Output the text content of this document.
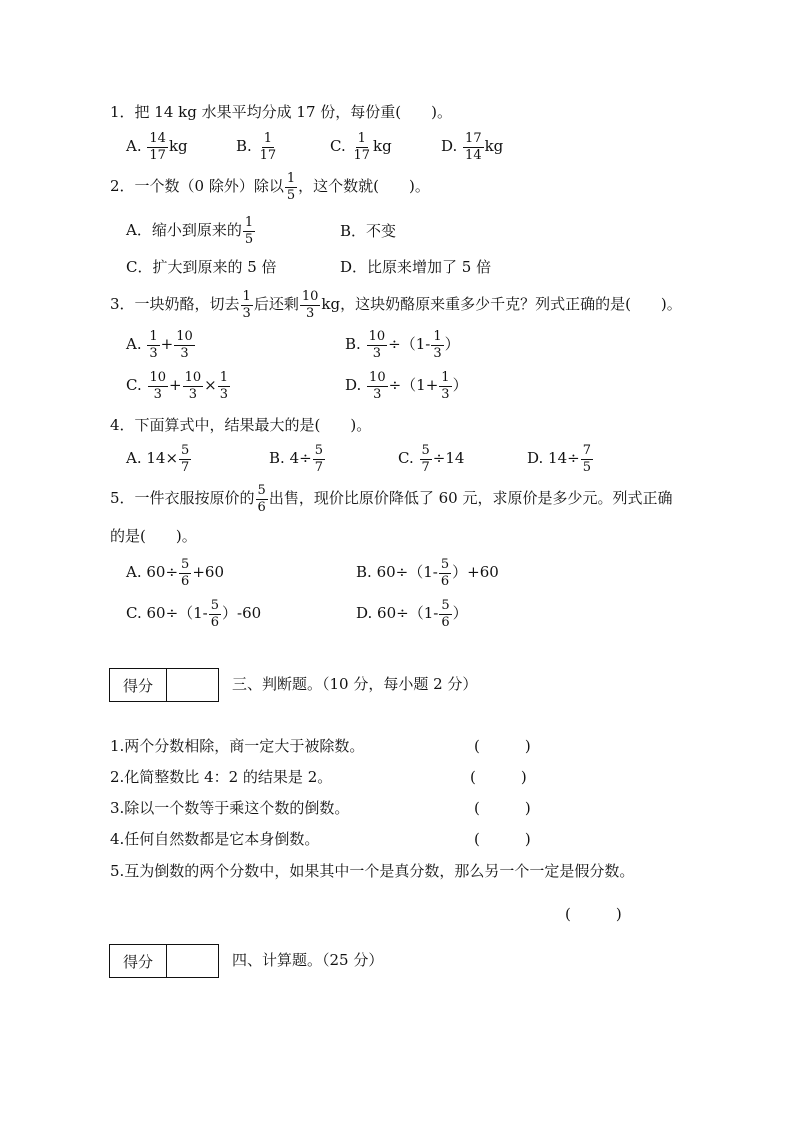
1．把 14 kg 水果平均分成 17 份，每份重(　　)。
A. $\frac{14}{17}$ kg	B. $\frac{1}{17}$	C. $\frac{1}{17}$ kg	D. $\frac{17}{14}$ kg
2．一个数（0 除外）除以 $\frac{1}{5}$ ，这个数就(　　)。
A．缩小到原来的 $\frac{1}{5}$	B．不变
C．扩大到原来的 5 倍	D．比原来增加了 5 倍
3．一块奶酪，切去 $\frac{1}{3}$ 后还剩 $\frac{10}{3}$ kg，这块奶酪原来重多少千克？列式正确的是(　　)。
A. $\frac{1}{3} + \frac{10}{3}$	B. $\frac{10}{3} \div(1- \frac{1}{3}$ ）
C. $\frac{10}{3} + \frac{10}{3} \times \frac{1}{3}$	D. $\frac{10}{3} \div(1+ \frac{1}{3}$ ）
4．下面算式中，结果最大的是(　　)。
A. $14\times \frac{5}{7}$	B. $4\div \frac{5}{7}$	C. $\frac{5}{7} \div 14$	D. $14\div \frac{7}{5}$
5．一件衣服按原价的 $\frac{5}{6}$ 出售，现价比原价降低了 60 元，求原价是多少元。列式正确
的是(　　)。
A. $60\div \frac{5}{6} +60$	B. $60\div(1- \frac{5}{6} )+60$
C. $60\div(1- \frac{5}{6} )-60$	D. $60\div(1- \frac{5}{6}$ ）
得分	三、判断题。（10 分，每小题 2 分）
1.两个分数相除，商一定大于被除数。	(　　　)
2.化简整数比 4：2 的结果是 2。	(　　　)
3.除以一个数等于乘这个数的倒数。	(　　　)
4.任何自然数都是它本身倒数。	(　　　)
5.互为倒数的两个分数中，如果其中一个是真分数，那么另一个一定是假分数。
(　　　)
得分	四、计算题。（25 分）
